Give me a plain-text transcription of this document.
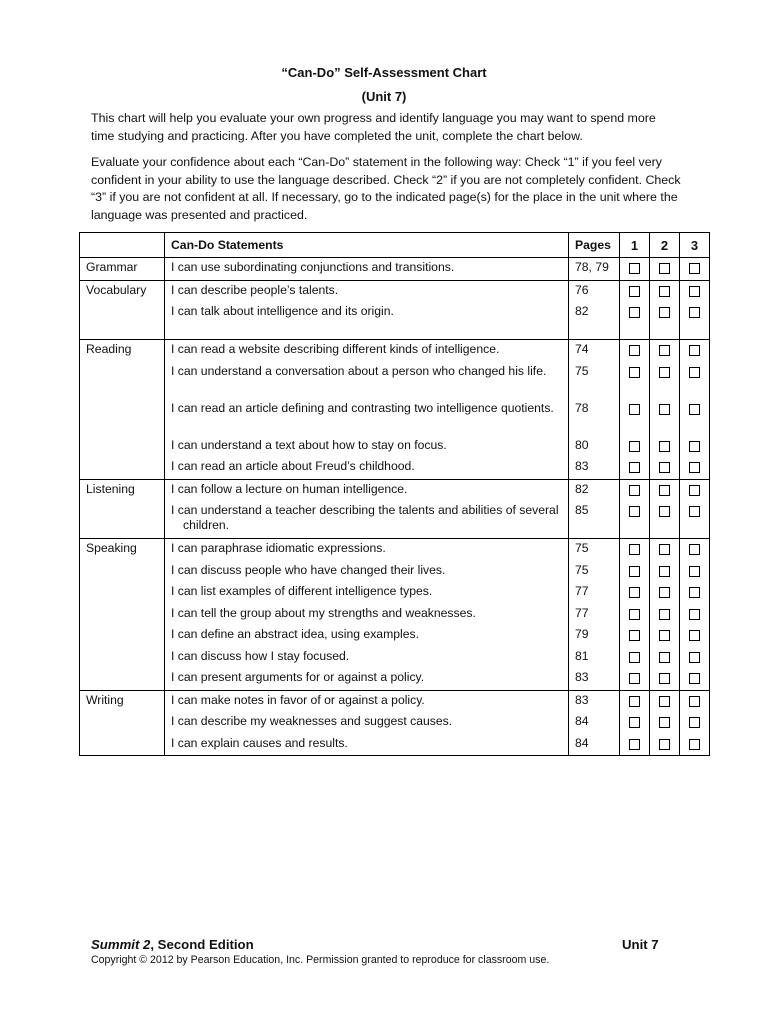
“Can-Do” Self-Assessment Chart
(Unit 7)

This chart will help you evaluate your own progress and identify language you may want to spend more time studying and practicing. After you have completed the unit, complete the chart below.

Evaluate your confidence about each “Can-Do” statement in the following way: Check “1” if you feel very confident in your ability to use the language described. Check “2” if you are not completely confident. Check “3” if you are not confident at all. If necessary, go to the indicated page(s) for the place in the unit where the language was presented and practiced.

	Can-Do Statements	Pages	1	2	3
Grammar	I can use subordinating conjunctions and transitions.	78, 79			
Vocabulary	I can describe people’s talents.	76			

	I can talk about intelligence and its origin.	82			
Reading	I can read a website describing different kinds of intelligence.	74			

	I can understand a conversation about a person who changed his life.	75			

	I can read an article defining and contrasting two intelligence quotients.	78			

	I can understand a text about how to stay on focus.	80			

	I can read an article about Freud’s childhood.	83			
Listening	I can follow a lecture on human intelligence.	82			

	I can understand a teacher describing the talents and abilities of several children.	85			
Speaking	I can paraphrase idiomatic expressions.	75			

	I can discuss people who have changed their lives.	75			

	I can list examples of different intelligence types.	77			

	I can tell the group about my strengths and weaknesses.	77			

	I can define an abstract idea, using examples.	79			

	I can discuss how I stay focused.	81			

	I can present arguments for or against a policy.	83			
Writing	I can make notes in favor of or against a policy.	83			

	I can describe my weaknesses and suggest causes.	84			

	I can explain causes and results.	84			
Summit 2, Second Edition	Unit 7
Copyright © 2012 by Pearson Education, Inc. Permission granted to reproduce for classroom use.
